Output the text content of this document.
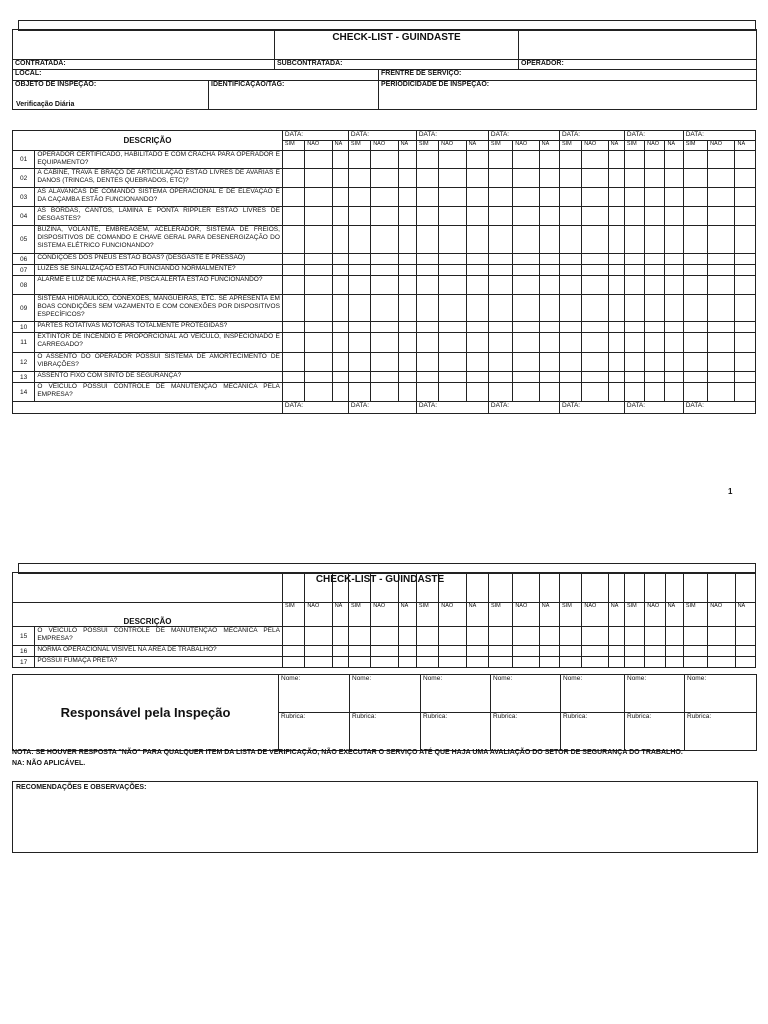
		CHECK-LIST - GUINDASTE		
CONTRATADA:		SUBCONTRATADA:		OPERADOR:
LOCAL:			FRENTRE DE SERVIÇO:	
OBJETO DE INSPEÇÃO:
Verificação Diária	IDENTIFICAÇÃO/TAG:		PERIODICIDADE DE INSPEÇÃO:	
DESCRIÇÃO		DATA:			DATA:			DATA:			DATA:			DATA:			DATA:			DATA:		
		SIM	NÃO	NA	SIM	NÃO	NA	SIM	NÃO	NA	SIM	NÃO	NA	SIM	NÃO	NA	SIM	NÃO	NA	SIM	NÃO	NA
01	OPERADOR CERTIFICADO, HABILITADO E COM CRACHÁ PARA OPERADOR E EQUIPAMENTO?																					
02	A CABINE, TRAVA E BRAÇO DE ARTICULAÇÃO ESTÃO LIVRES DE AVARIAS E DANOS (TRINCAS, DENTES QUEBRADOS, ETC)?																					
03	AS ALAVANCAS DE COMANDO SISTEMA OPERACIONAL E DE ELEVAÇÃO E DA CAÇAMBA ESTÃO FUNCIONANDO?																					
04	AS BORDAS, CANTOS, LÂMINA E PONTA RIPPLER ESTÃO LIVRES DE DESGASTES?																					
05	BUZINA, VOLANTE, EMBREAGEM, ACELERADOR, SISTEMA DE FREIOS, DISPOSITIVOS DE COMANDO E CHAVE GERAL PARA DESENERGIZAÇÃO DO SISTEMA ELÉTRICO FUNCIONANDO?																					
06	CONDIÇÕES DOS PNEUS ESTÃO BOAS? (DESGASTE E PRESSÃO)																					
07	LUZES SE SINALIZAÇÃO ESTÃO FUINCIANDO NORMALMENTE?																					
08	ALARME E LUZ DE MACHA A RÉ, PISCA ALERTA ESTÃO FUNCIONANDO?																					
09	SISTEMA HIDRÁULICO, CONEXÕES, MANGUEIRAS, ETC. SE APRESENTA EM BOAS CONDIÇÕES SEM VAZAMENTO E COM CONEXÕES POR DISPOSITIVOS ESPECÍFICOS?																					
10	PARTES ROTATIVAS MOTORAS TOTALMENTE PROTEGIDAS?																					
11	EXTINTOR DE INCÊNDIO É PROPORCIONAL AO VEÍCULO, INSPECIONADO E CARREGADO?																					
12	O ASSENTO DO OPERADOR POSSUI SISTEMA DE AMORTECIMENTO DE VIBRAÇÕES?																					
13	ASSENTO FIXO COM SINTO DE SEGURANÇA?																					
14	O VEÍCULO POSSUI CONTROLE DE MANUTENÇÃO MECÂNICA PELA EMPRESA?																					
		DATA:			DATA:			DATA:			DATA:			DATA:			DATA:			DATA:		
1

DESCRIÇÃO		SIM	NÃO	NA	SIM	NÃO	NA	SIM	NÃO	NA	SIM	NÃO	NA	SIM	NÃO	NA	SIM	NÃO	NA	SIM	NÃO	NA
15	O VEÍCULO POSSUI CONTROLE DE MANUTENÇÃO MECÂNICA PELA EMPRESA?																					
16	NORMA OPERACIONAL VISÍVEL NA ÁREA DE TRABALHO?																					
17	POSSUI FUMAÇA PRETA?																					
CHECK-LIST - GUINDASTE
Responsável pela Inspeção	Nome:	Nome:	Nome:	Nome:	Nome:	Nome:	Nome:
	Rubrica:	Rubrica:	Rubrica:	Rubrica:	Rubrica:	Rubrica:	Rubrica:
NOTA: SE HOUVER RESPOSTA "NÃO" PARA QUALQUER ITEM DA LISTA DE VERIFICAÇÃO, NÃO EXECUTAR O SERVIÇO ATÉ QUE HAJA UMA AVALIAÇÃO DO SETOR DE SEGURANÇA DO TRABALHO.
NA: NÃO APLICÁVEL.
RECOMENDAÇÕES E OBSERVAÇÕES:
